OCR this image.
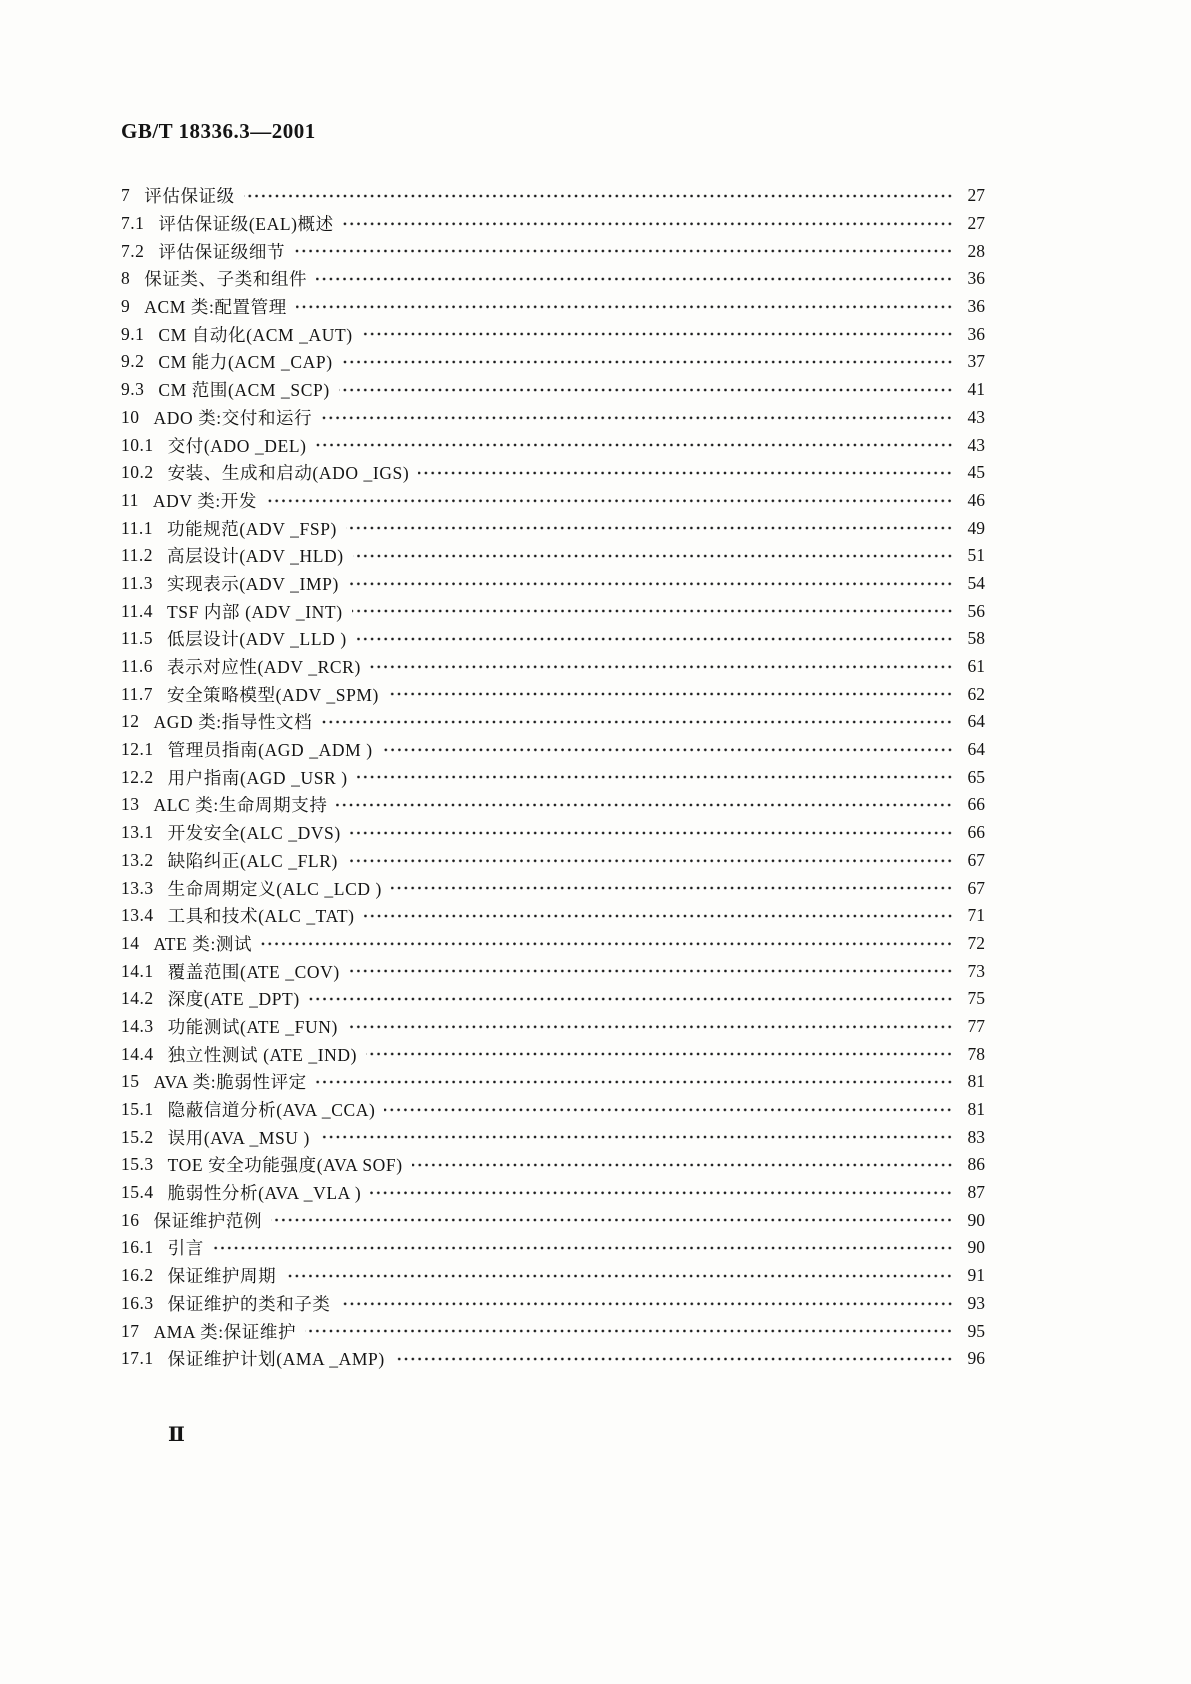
GB/T 18336.3—2001
7 评估保证级	27
7.1 评估保证级(EAL)概述	27
7.2 评估保证级细节	28
8 保证类、子类和组件	36
9 ACM 类:配置管理	36
9.1 CM 自动化(ACM _AUT)	36
9.2 CM 能力(ACM _CAP)	37
9.3 CM 范围(ACM _SCP)	41
10 ADO 类:交付和运行	43
10.1 交付(ADO _DEL)	43
10.2 安装、生成和启动(ADO _IGS)	45
11 ADV 类:开发	46
11.1 功能规范(ADV _FSP)	49
11.2 高层设计(ADV _HLD)	51
11.3 实现表示(ADV _IMP)	54
11.4 TSF 内部 (ADV _INT)	56
11.5 低层设计(ADV _LLD )	58
11.6 表示对应性(ADV _RCR)	61
11.7 安全策略模型(ADV _SPM)	62
12 AGD 类:指导性文档	64
12.1 管理员指南(AGD _ADM )	64
12.2 用户指南(AGD _USR )	65
13 ALC 类:生命周期支持	66
13.1 开发安全(ALC _DVS)	66
13.2 缺陷纠正(ALC _FLR)	67
13.3 生命周期定义(ALC _LCD )	67
13.4 工具和技术(ALC _TAT)	71
14 ATE 类:测试	72
14.1 覆盖范围(ATE _COV)	73
14.2 深度(ATE _DPT)	75
14.3 功能测试(ATE _FUN)	77
14.4 独立性测试 (ATE _IND)	78
15 AVA 类:脆弱性评定	81
15.1 隐蔽信道分析(AVA _CCA)	81
15.2 误用(AVA _MSU )	83
15.3 TOE 安全功能强度(AVA SOF)	86
15.4 脆弱性分析(AVA _VLA )	87
16 保证维护范例	90
16.1 引言	90
16.2 保证维护周期	91
16.3 保证维护的类和子类	93
17 AMA 类:保证维护	95
17.1 保证维护计划(AMA _AMP)	96
Ⅱ
